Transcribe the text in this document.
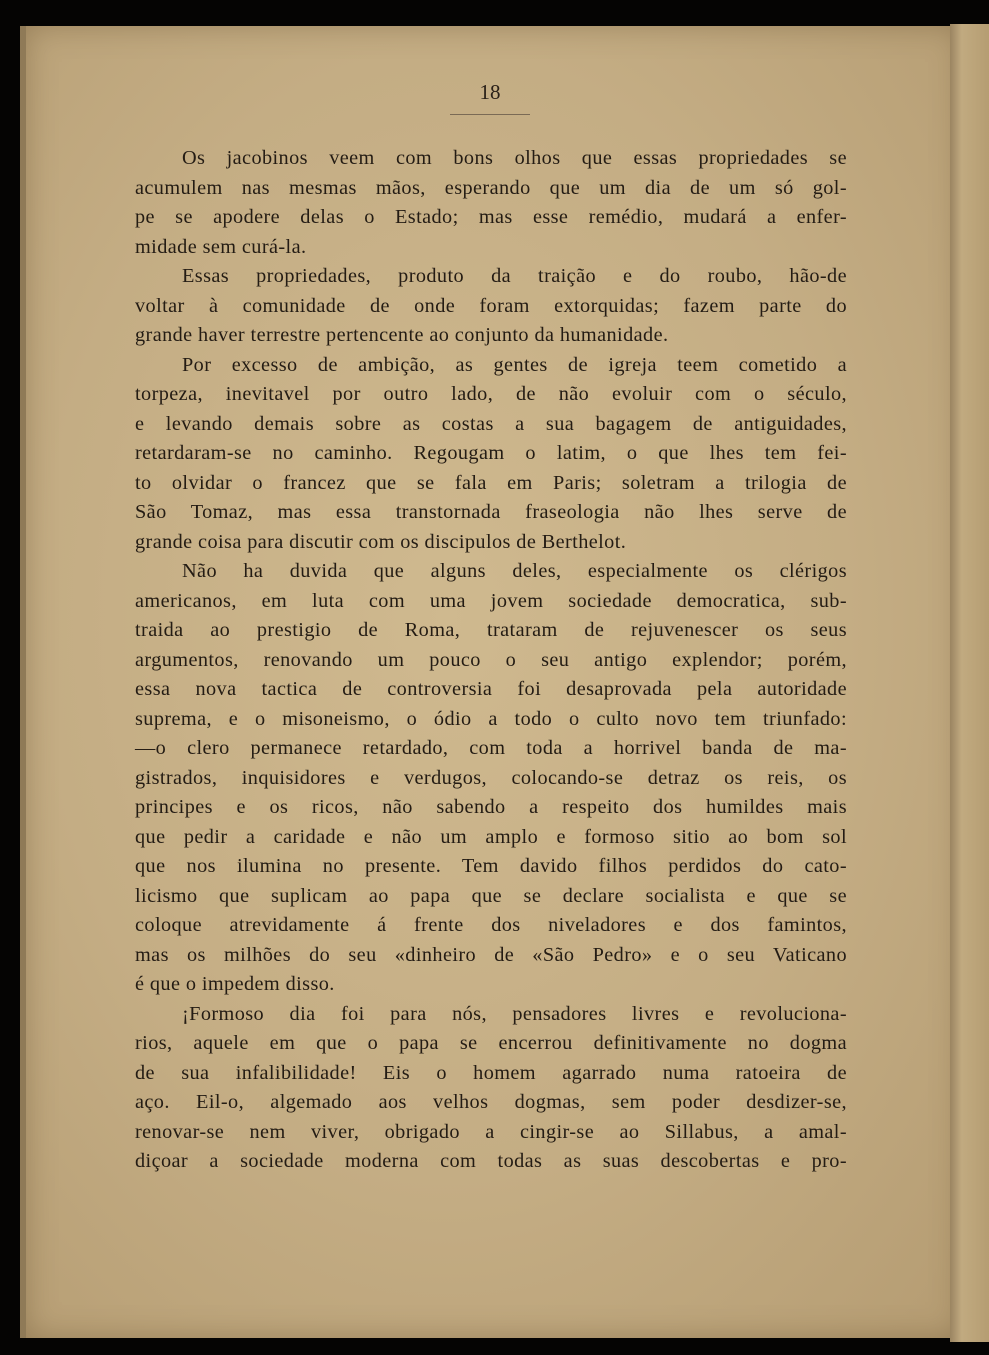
18
Os jacobinos veem com bons olhos que essas propriedades se
acumulem nas mesmas mãos, esperando que um dia de um só gol-
pe se apodere delas o Estado; mas esse remédio, mudará a enfer-
midade sem curá-la.
Essas propriedades, produto da traição e do roubo, hão-de
voltar à comunidade de onde foram extorquidas; fazem parte do
grande haver terrestre pertencente ao conjunto da humanidade.
Por excesso de ambição, as gentes de igreja teem cometido a
torpeza, inevitavel por outro lado, de não evoluir com o século,
e levando demais sobre as costas a sua bagagem de antiguidades,
retardaram-se no caminho. Regougam o latim, o que lhes tem fei-
to olvidar o francez que se fala em Paris; soletram a trilogia de
São Tomaz, mas essa transtornada fraseologia não lhes serve de
grande coisa para discutir com os discipulos de Berthelot.
Não ha duvida que alguns deles, especialmente os clérigos
americanos, em luta com uma jovem sociedade democratica, sub-
traida ao prestigio de Roma, trataram de rejuvenescer os seus
argumentos, renovando um pouco o seu antigo explendor; porém,
essa nova tactica de controversia foi desaprovada pela autoridade
suprema, e o misoneismo, o ódio a todo o culto novo tem triunfado:
—o clero permanece retardado, com toda a horrivel banda de ma-
gistrados, inquisidores e verdugos, colocando-se detraz os reis, os
principes e os ricos, não sabendo a respeito dos humildes mais
que pedir a caridade e não um amplo e formoso sitio ao bom sol
que nos ilumina no presente. Tem davido filhos perdidos do cato-
licismo que suplicam ao papa que se declare socialista e que se
coloque atrevidamente á frente dos niveladores e dos famintos,
mas os milhões do seu «dinheiro de «São Pedro» e o seu Vaticano
é que o impedem disso.
¡Formoso dia foi para nós, pensadores livres e revoluciona-
rios, aquele em que o papa se encerrou definitivamente no dogma
de sua infalibilidade! Eis o homem agarrado numa ratoeira de
aço. Eil-o, algemado aos velhos dogmas, sem poder desdizer-se,
renovar-se nem viver, obrigado a cingir-se ao Sillabus, a amal-
diçoar a sociedade moderna com todas as suas descobertas e pro-
